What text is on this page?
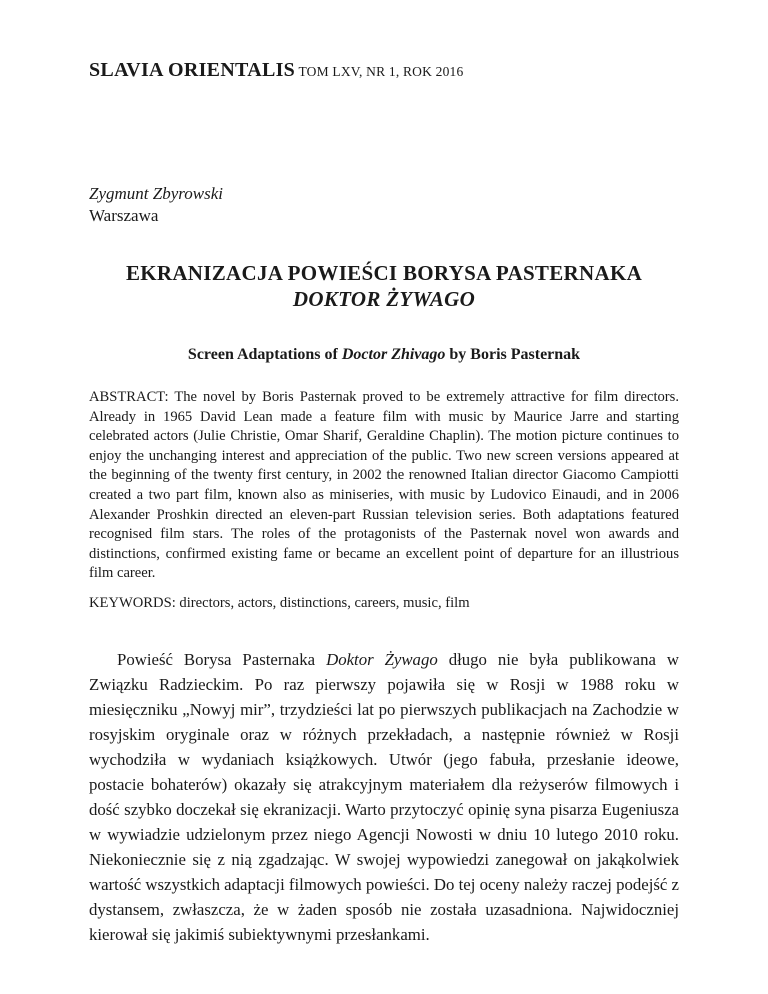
SLAVIA ORIENTALIS TOM LXV, NR 1, ROK 2016
Zygmunt Zbyrowski
Warszawa
EKRANIZACJA POWIEŚCI BORYSA PASTERNAKA
DOKTOR ŻYWAGO
Screen Adaptations of Doctor Zhivago by Boris Pasternak

ABSTRACT: The novel by Boris Pasternak proved to be extremely attractive for film directors. Already in 1965 David Lean made a feature film with music by Maurice Jarre and starting celebrated actors (Julie Christie, Omar Sharif, Geraldine Chaplin). The motion picture continues to enjoy the unchanging interest and appreciation of the public. Two new screen versions appeared at the beginning of the twenty first century, in 2002 the renowned Italian director Giacomo Campiotti created a two part film, known also as miniseries, with music by Ludovico Einaudi, and in 2006 Alexander Proshkin directed an eleven-part Russian television series. Both adaptations featured recognised film stars. The roles of the protagonists of the Pasternak novel won awards and distinctions, confirmed existing fame or became an excellent point of departure for an illustrious film career.

KEYWORDS: directors, actors, distinctions, careers, music, film

Powieść Borysa Pasternaka Doktor Żywago długo nie była publikowana w Związku Radzieckim. Po raz pierwszy pojawiła się w Rosji w 1988 roku w miesięczniku „Nowyj mir”, trzydzieści lat po pierwszych publikacjach na Zachodzie w rosyjskim oryginale oraz w różnych przekładach, a następnie również w Rosji wychodziła w wydaniach książkowych. Utwór (jego fabuła, przesłanie ideowe, postacie bohaterów) okazały się atrakcyjnym materiałem dla reżyserów filmowych i dość szybko doczekał się ekranizacji. Warto przytoczyć opinię syna pisarza Eugeniusza w wywiadzie udzielonym przez niego Agencji Nowosti w dniu 10 lutego 2010 roku. Niekoniecznie się z nią zgadzając. W swojej wypowiedzi zanegował on jakąkolwiek wartość wszystkich adaptacji filmowych powieści. Do tej oceny należy raczej podejść z dystansem, zwłaszcza, że w żaden sposób nie została uzasadniona. Najwidoczniej kierował się jakimiś subiektywnymi przesłankami.
